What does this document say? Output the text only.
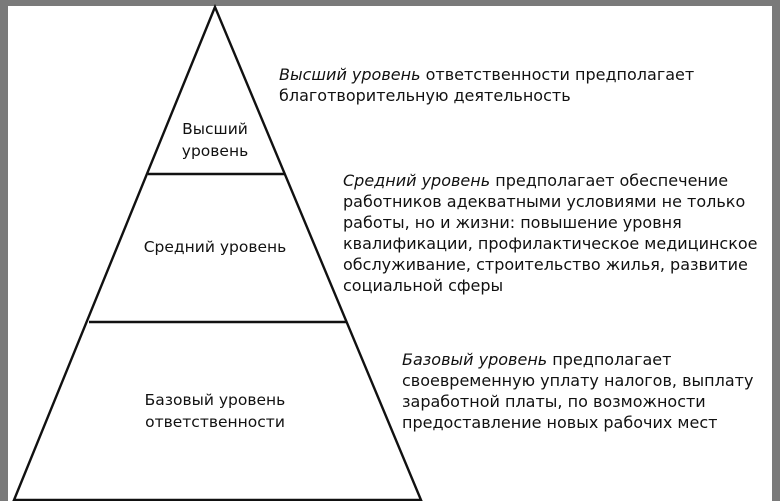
Высший
уровень
Средний уровень
Базовый уровень
ответственности
Высший уровень ответственности предполагает
благотворительную деятельность
Средний уровень предполагает обеспечение
работников адекватными условиями не только
работы, но и жизни: повышение уровня
квалификации, профилактическое медицинское
обслуживание, строительство жилья, развитие
социальной сферы
Базовый уровень предполагает
своевременную уплату налогов, выплату
заработной платы, по возможности
предоставление новых рабочих мест
